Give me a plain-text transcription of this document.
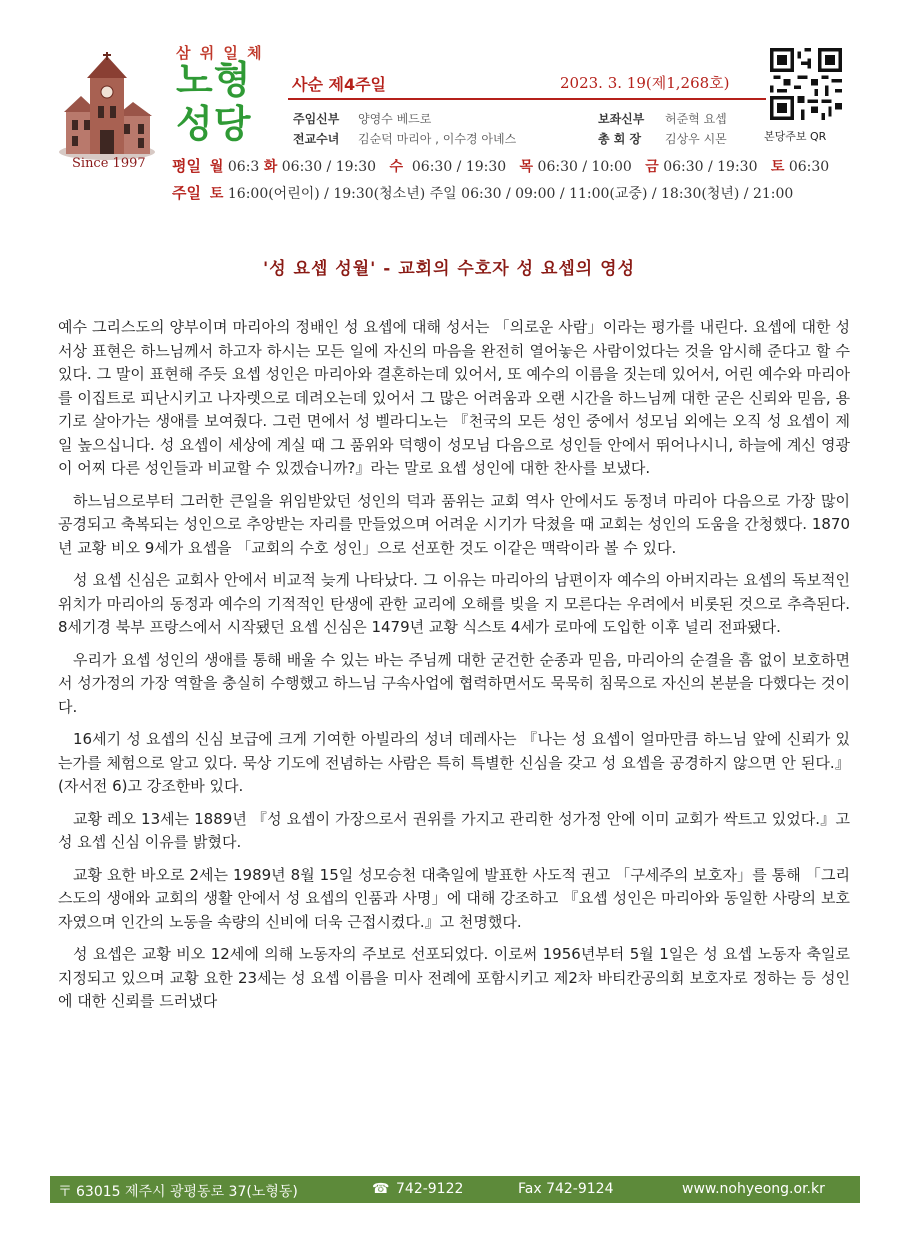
Since 1997
삼 위 일 체
노형
성당
사순 제4주일	2023. 3. 19(제1,268호)
주임신부 양영수 베드로	보좌신부 허준혁 요셉
전교수녀 김순덕 마리아 , 이수경 아녜스	총 회 장 김상우 시몬	본당주보 QR
평일 월 06:3 화 06:30 / 19:30 수 06:30 / 19:30 목 06:30 / 10:00 금 06:30 / 19:30 토 06:30
주일 토 16:00(어린이) / 19:30(청소년) 주일 06:30 / 09:00 / 11:00(교중) / 18:30(청년) / 21:00
'성 요셉 성월' - 교회의 수호자 성 요셉의 영성

예수 그리스도의 양부이며 마리아의 정배인 성 요셉에 대해 성서는 「의로운 사람」이라는 평가를 내린다. 요셉에 대한 성서상 표현은 하느님께서 하고자 하시는 모든 일에 자신의 마음을 완전히 열어놓은 사람이었다는 것을 암시해 준다고 할 수 있다. 그 말이 표현해 주듯 요셉 성인은 마리아와 결혼하는데 있어서, 또 예수의 이름을 짓는데 있어서, 어린 예수와 마리아를 이집트로 피난시키고 나자렛으로 데려오는데 있어서 그 많은 어려움과 오랜 시간을 하느님께 대한 굳은 신뢰와 믿음, 용기로 살아가는 생애를 보여줬다. 그런 면에서 성 벨라디노는 『천국의 모든 성인 중에서 성모님 외에는 오직 성 요셉이 제일 높으십니다. 성 요셉이 세상에 계실 때 그 품위와 덕행이 성모님 다음으로 성인들 안에서 뛰어나시니, 하늘에 계신 영광이 어찌 다른 성인들과 비교할 수 있겠습니까?』라는 말로 요셉 성인에 대한 찬사를 보냈다.

하느님으로부터 그러한 큰일을 위임받았던 성인의 덕과 품위는 교회 역사 안에서도 동정녀 마리아 다음으로 가장 많이 공경되고 축복되는 성인으로 추앙받는 자리를 만들었으며 어려운 시기가 닥쳤을 때 교회는 성인의 도움을 간청했다. 1870년 교황 비오 9세가 요셉을 「교회의 수호 성인」으로 선포한 것도 이같은 맥락이라 볼 수 있다.

성 요셉 신심은 교회사 안에서 비교적 늦게 나타났다. 그 이유는 마리아의 남편이자 예수의 아버지라는 요셉의 독보적인 위치가 마리아의 동정과 예수의 기적적인 탄생에 관한 교리에 오해를 빚을 지 모른다는 우려에서 비롯된 것으로 추측된다. 8세기경 북부 프랑스에서 시작됐던 요셉 신심은 1479년 교황 식스토 4세가 로마에 도입한 이후 널리 전파됐다.

우리가 요셉 성인의 생애를 통해 배울 수 있는 바는 주님께 대한 굳건한 순종과 믿음, 마리아의 순결을 흠 없이 보호하면서 성가정의 가장 역할을 충실히 수행했고 하느님 구속사업에 협력하면서도 묵묵히 침묵으로 자신의 본분을 다했다는 것이다.

16세기 성 요셉의 신심 보급에 크게 기여한 아빌라의 성녀 데레사는 『나는 성 요셉이 얼마만큼 하느님 앞에 신뢰가 있는가를 체험으로 알고 있다. 묵상 기도에 전념하는 사람은 특히 특별한 신심을 갖고 성 요셉을 공경하지 않으면 안 된다.』(자서전 6)고 강조한바 있다.

교황 레오 13세는 1889년 『성 요셉이 가장으로서 권위를 가지고 관리한 성가정 안에 이미 교회가 싹트고 있었다.』고 성 요셉 신심 이유를 밝혔다.

교황 요한 바오로 2세는 1989년 8월 15일 성모승천 대축일에 발표한 사도적 권고 「구세주의 보호자」를 통해 「그리스도의 생애와 교회의 생활 안에서 성 요셉의 인품과 사명」에 대해 강조하고 『요셉 성인은 마리아와 동일한 사랑의 보호자였으며 인간의 노동을 속량의 신비에 더욱 근접시켰다.』고 천명했다.

성 요셉은 교황 비오 12세에 의해 노동자의 주보로 선포되었다. 이로써 1956년부터 5월 1일은 성 요셉 노동자 축일로 지정되고 있으며 교황 요한 23세는 성 요셉 이름을 미사 전례에 포함시키고 제2차 바티칸공의회 보호자로 정하는 등 성인에 대한 신뢰를 드러냈다

〒 63015 제주시 광평동로 37(노형동)	☎ 742-9122	Fax 742-9124	www.nohyeong.or.kr
